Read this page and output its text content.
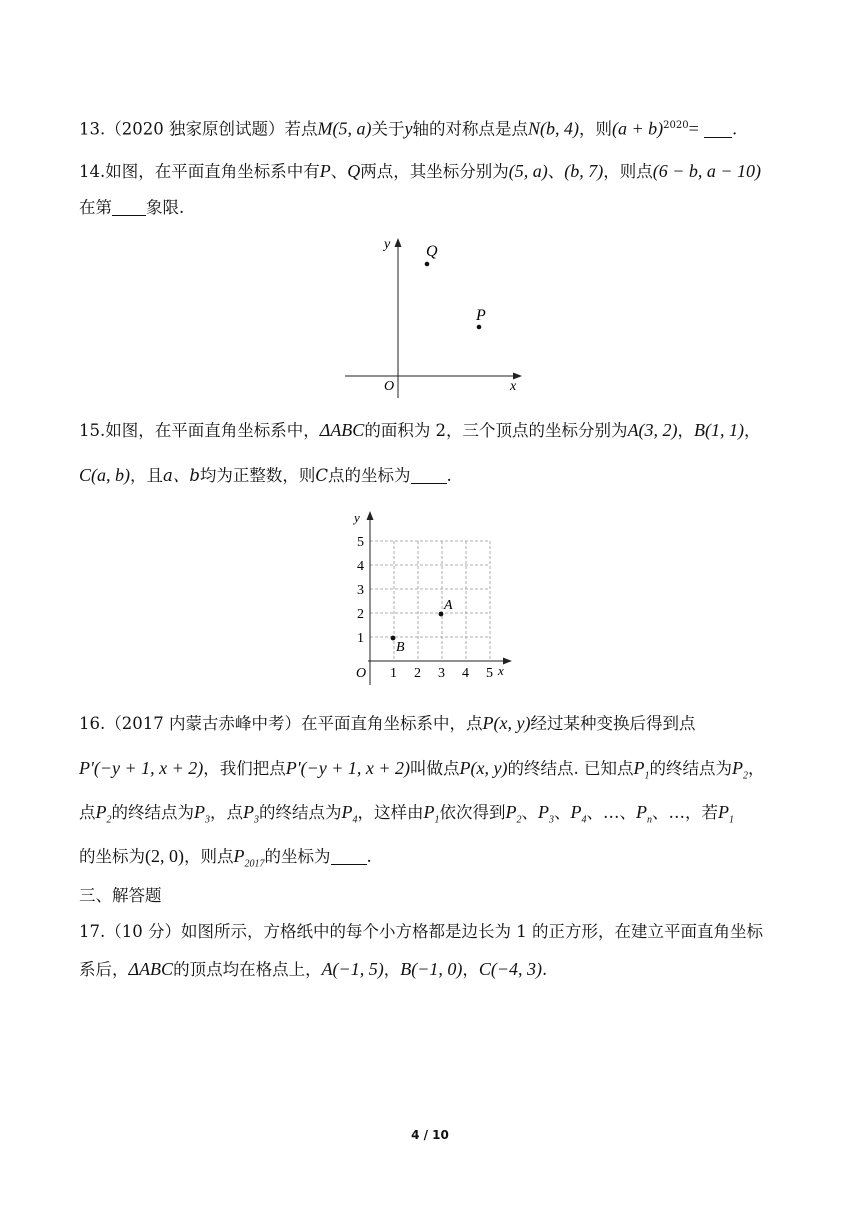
13.（2020 独家原创试题）若点M(5, a)关于y轴的对称点是点N(b, 4)，则$(a + b)^{2020}=$ .
14.如图，在平面直角坐标系中有P、Q两点，其坐标分别为(5, a)、(b, 7)，则点(6 − b, a − 10)
在第 象限.
y
x
O
Q
P
15.如图，在平面直角坐标系中，ΔABC的面积为 2，三个顶点的坐标分别为A(3, 2)，B(1, 1)，
C(a, b)，且a、b均为正整数，则C点的坐标为 .
y
x
O 1 2 3 4 5
1
2
3
4
5
A
B
16.（2017 内蒙古赤峰中考）在平面直角坐标系中，点P(x, y)经过某种变换后得到点
P'(−y + 1, x + 2)，我们把点P'(−y + 1, x + 2)叫做点P(x, y)的终结点. 已知点$P_1$的终结点为$P_2$，
点$P_2$的终结点为$P_3$，点$P_3$的终结点为$P_4$，这样由$P_1$依次得到$P_2$、$P_3$、$P_4$、…、$P_n$、…，若$P_1$
的坐标为(2, 0)，则点$P_{2017}$的坐标为 .
三、解答题
17.（10 分）如图所示，方格纸中的每个小方格都是边长为 1 的正方形，在建立平面直角坐标
系后，ΔABC的顶点均在格点上，A(−1, 5)，B(−1, 0)，C(−4, 3).
4 / 10
